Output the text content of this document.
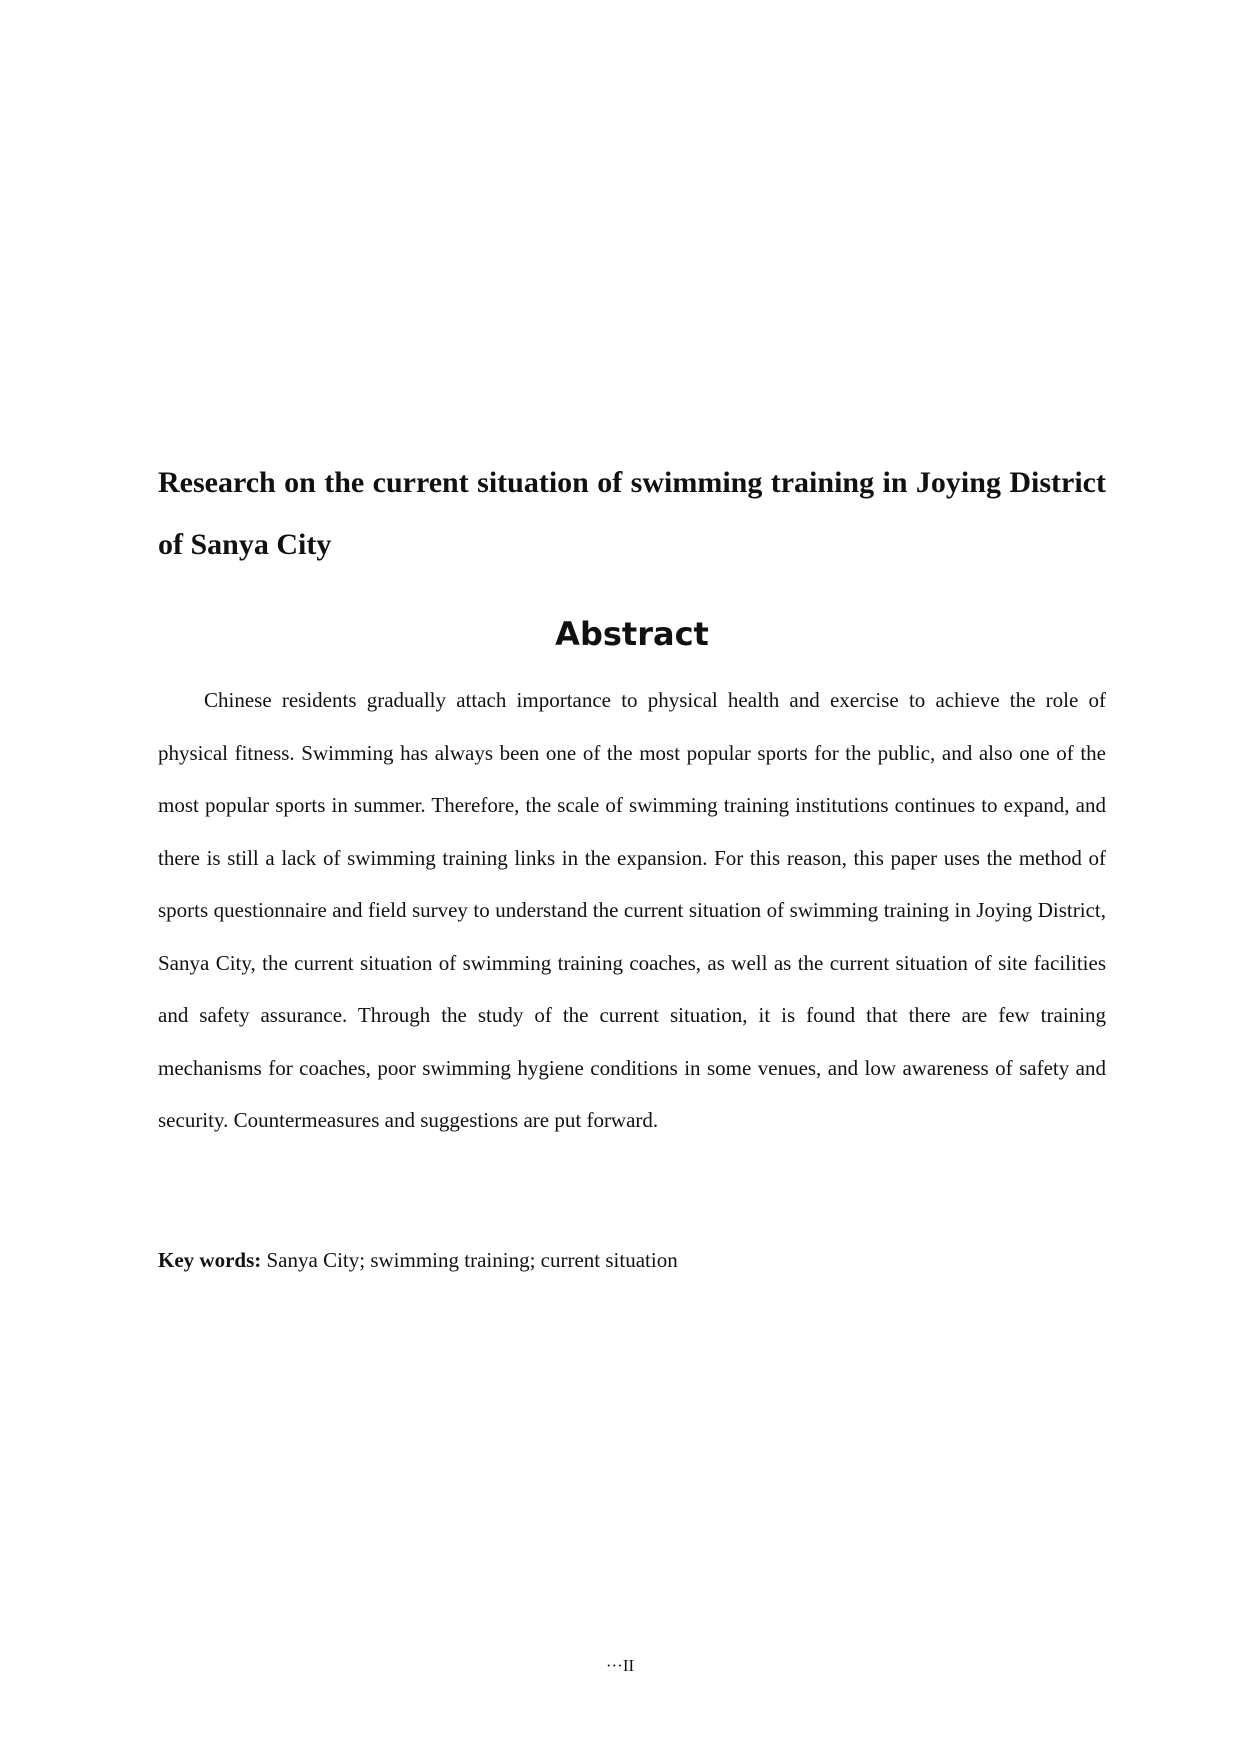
Research on the current situation of swimming training in Joying District of Sanya City
Abstract

Chinese residents gradually attach importance to physical health and exercise to achieve the role of physical fitness. Swimming has always been one of the most popular sports for the public, and also one of the most popular sports in summer. Therefore, the scale of swimming training institutions continues to expand, and there is still a lack of swimming training links in the expansion. For this reason, this paper uses the method of sports questionnaire and field survey to understand the current situation of swimming training in Joying District, Sanya City, the current situation of swimming training coaches, as well as the current situation of site facilities and safety assurance. Through the study of the current situation, it is found that there are few training mechanisms for coaches, poor swimming hygiene conditions in some venues, and low awareness of safety and security. Countermeasures and suggestions are put forward.

Key words: Sanya City; swimming training; current situation

···II
